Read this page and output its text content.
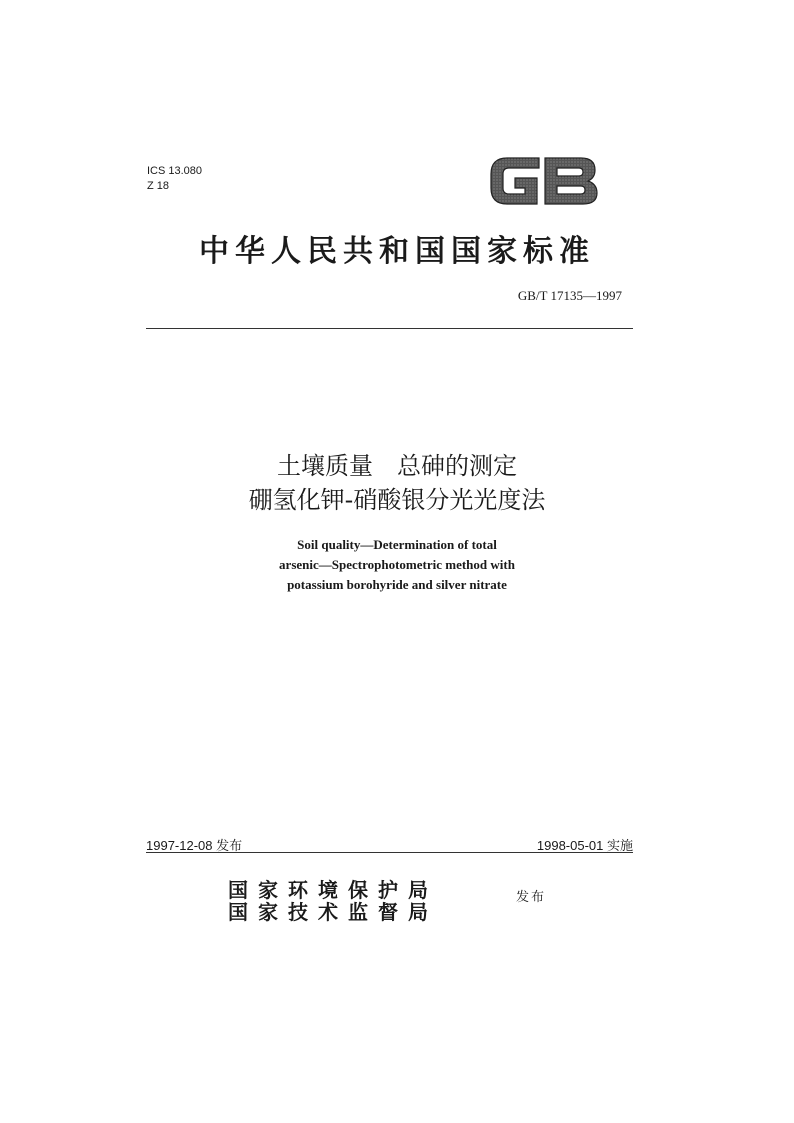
ICS 13.080
Z 18
中华人民共和国国家标准
GB/T 17135—1997
土壤质量　总砷的测定
硼氢化钾-硝酸银分光光度法
Soil quality—Determination of total
arsenic—Spectrophotometric method with
potassium borohyride and silver nitrate
1997-12-08 发布	1998-05-01 实施
国家环境保护局
国家技术监督局
发布
